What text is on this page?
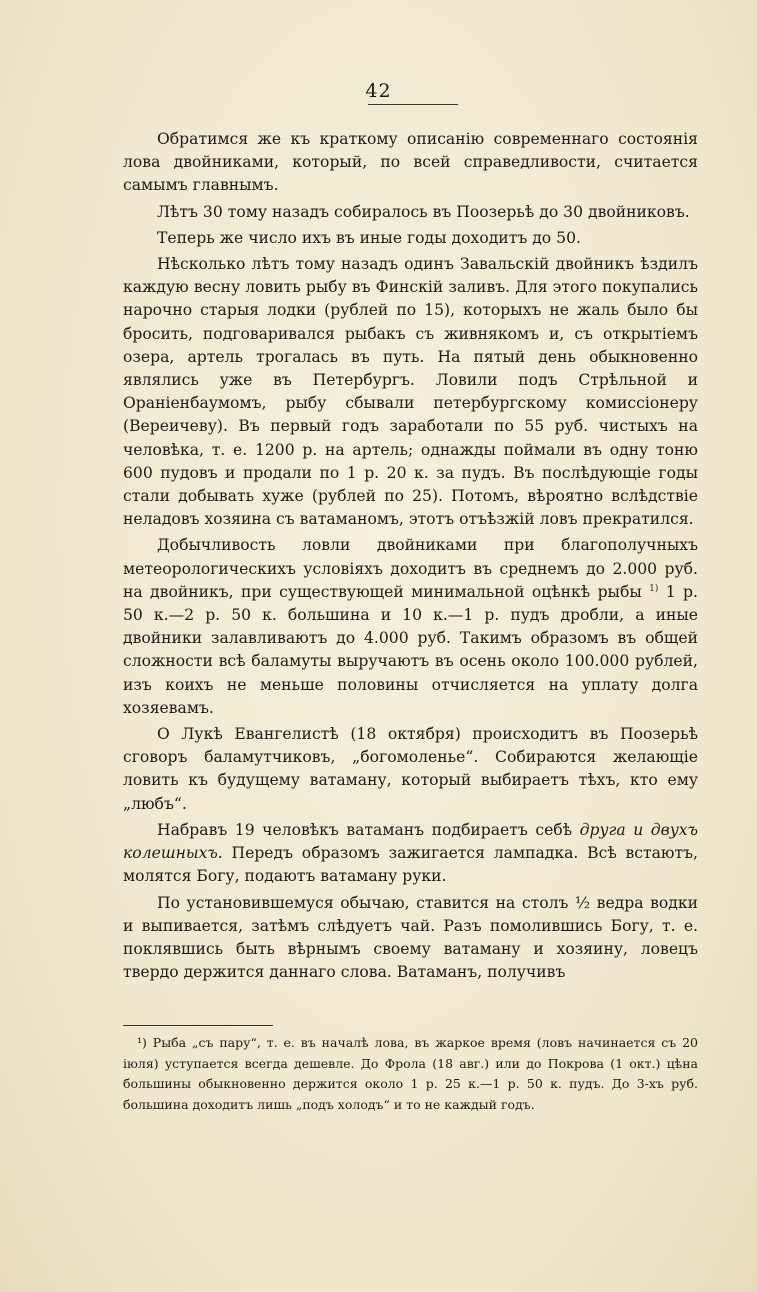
42

Обратимся же къ краткому описанію современнаго состоянія лова двойниками, который, по всей справедливости, считается самымъ главнымъ.

Лѣтъ 30 тому назадъ собиралось въ Поозерьѣ до 30 двойниковъ.

Теперь же число ихъ въ иные годы доходитъ до 50.

Нѣсколько лѣтъ тому назадъ одинъ Завальскій двойникъ ѣздилъ каждую весну ловить рыбу въ Финскій заливъ. Для этого покупались нарочно старыя лодки (рублей по 15), которыхъ не жаль было бы бросить, подговаривался рыбакъ съ живнякомъ и, съ открытіемъ озера, артель трогалась въ путь. На пятый день обыкновенно являлись уже въ Петербургъ. Ловили подъ Стрѣльной и Ораніенбаумомъ, рыбу сбывали петербургскому комиссіонеру (Вереичеву). Въ первый годъ заработали по 55 руб. чистыхъ на человѣка, т. е. 1200 р. на артель; однажды поймали въ одну тоню 600 пудовъ и продали по 1 р. 20 к. за пудъ. Въ послѣдующіе годы стали добывать хуже (рублей по 25). Потомъ, вѣроятно вслѣдствіе неладовъ хозяина съ ватаманомъ, этотъ отъѣзжій ловъ прекратился.

Добычливость ловли двойниками при благополучныхъ метеорологическихъ условіяхъ доходитъ въ среднемъ до 2.000 руб. на двойникъ, при существующей минимальной оцѣнкѣ рыбы $^{1)}$ 1 р. 50 к.—2 р. 50 к. большина и 10 к.—1 р. пудъ дробли, а иные двойники залавливаютъ до 4.000 руб. Такимъ образомъ въ общей сложности всѣ баламуты выручаютъ въ осень около 100.000 рублей, изъ коихъ не меньше половины отчисляется на уплату долга хозяевамъ.

О Лукѣ Евангелистѣ (18 октября) происходитъ въ Поозерьѣ сговоръ баламутчиковъ, „богомоленье“. Собираются желающіе ловить къ будущему ватаману, который выбираетъ тѣхъ, кто ему „любъ“.

Набравъ 19 человѣкъ ватаманъ подбираетъ себѣ друга и двухъ колешныхъ. Передъ образомъ зажигается лампадка. Всѣ встаютъ, молятся Богу, подаютъ ватаману руки.

По установившемуся обычаю, ставится на столъ ½ ведра водки и выпивается, затѣмъ слѣдуетъ чай. Разъ помолившись Богу, т. е. поклявшись быть вѣрнымъ своему ватаману и хозяину, ловецъ твердо держится даннаго слова. Ватаманъ, получивъ

¹) Рыба „съ пару“, т. е. въ началѣ лова, въ жаркое время (ловъ начинается съ 20 іюля) уступается всегда дешевле. До Фрола (18 авг.) или до Покрова (1 окт.) цѣна большины обыкновенно держится около 1 р. 25 к.—1 р. 50 к. пудъ. До 3-хъ руб. большина доходитъ лишь „подъ холодъ“ и то не каждый годъ.
